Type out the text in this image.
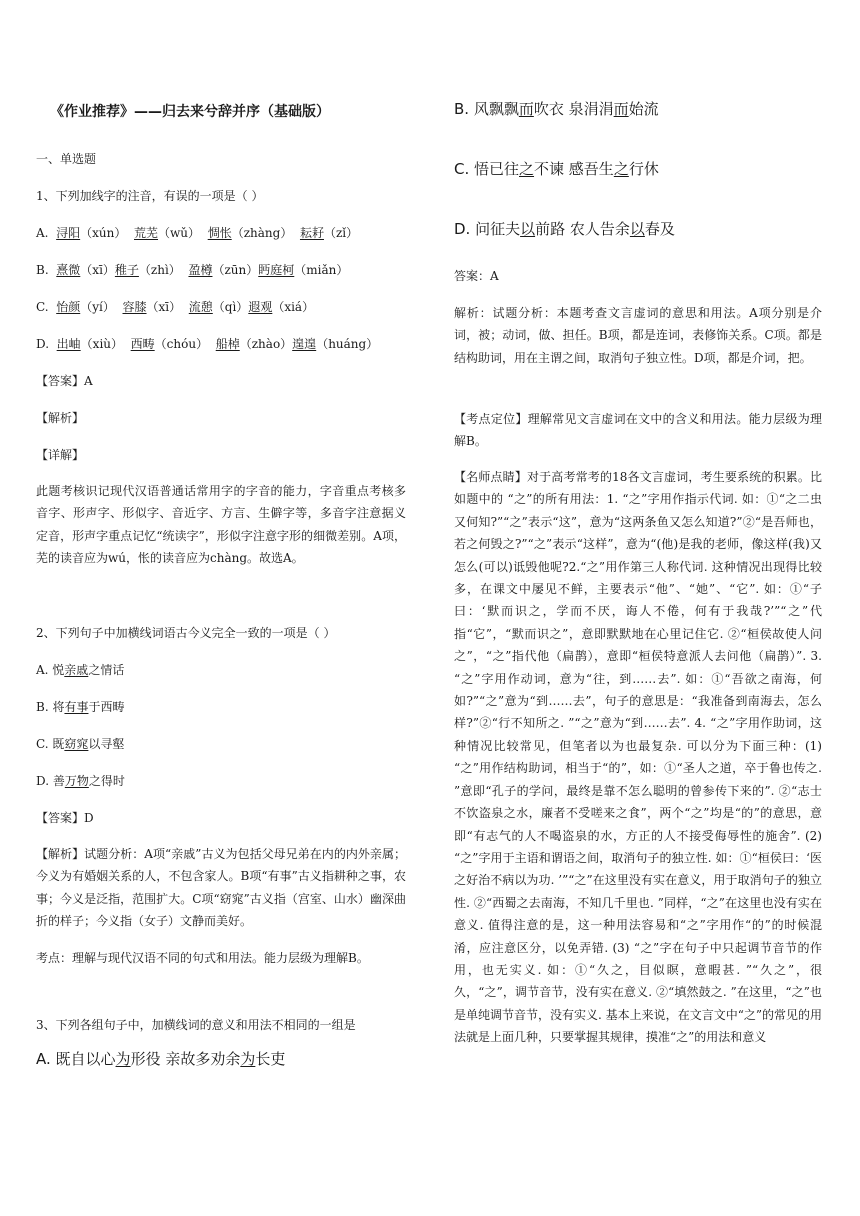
《作业推荐》——归去来兮辞并序（基础版）

一、单选题

1、下列加线字的注音，有误的一项是（ ）

A. 浔阳（xún） 荒芜（wǔ） 惆怅（zhàng） 耘耔（zǐ）

B. 熹微（xī）稚子（zhì） 盈樽（zūn）眄庭柯（miǎn）

C. 怡颜（yí） 容膝（xī） 流憩（qì）遐观（xiá）

D. 出岫（xiù） 西畴（chóu） 船棹（zhào）遑遑（huáng）

【答案】A

【解析】

【详解】

此题考核识记现代汉语普通话常用字的字音的能力，字音重点考核多音字、形声字、形似字、音近字、方言、生僻字等，多音字注意据义定音，形声字重点记忆“统读字”，形似字注意字形的细微差别。A项，芜的读音应为wú，怅的读音应为chàng。故选A。

2、下列句子中加横线词语古今义完全一致的一项是（ ）

A. 悦亲戚之情话

B. 将有事于西畴

C. 既窈窕以寻壑

D. 善万物之得时

【答案】D

【解析】试题分析：A项“亲戚”古义为包括父母兄弟在内的内外亲属；今义为有婚姻关系的人，不包含家人。B项“有事”古义指耕种之事，农事；今义是泛指，范围扩大。C项“窈窕”古义指（宫室、山水）幽深曲折的样子；今义指（女子）文静而美好。

考点：理解与现代汉语不同的句式和用法。能力层级为理解B。

3、下列各组句子中，加横线词的意义和用法不相同的一组是

A. 既自以心为形役 亲故多劝余为长吏

B. 风飘飘而吹衣 泉涓涓而始流

C. 悟已往之不谏 感吾生之行休

D. 问征夫以前路 农人告余以春及

答案：A

解析：试题分析：本题考查文言虚词的意思和用法。A项分别是介词，被；动词，做、担任。B项，都是连词，表修饰关系。C项。都是结构助词，用在主谓之间，取消句子独立性。D项，都是介词，把。

【考点定位】理解常见文言虚词在文中的含义和用法。能力层级为理解B。

【名师点睛】对于高考常考的18各文言虚词，考生要系统的积累。比如题中的 “之”的所有用法：1. “之”字用作指示代词. 如：①“之二虫又何知?”“之”表示“这”，意为“这两条鱼又怎么知道?”②“是吾师也，若之何毁之?”“之”表示“这样”，意为“(他)是我的老师，像这样(我)又怎么(可以)诋毁他呢?2.“之”用作第三人称代词. 这种情况出现得比较多，在课文中屡见不鲜，主要表示“他”、“她”、“它”. 如：①“子曰：‘默而识之，学而不厌，诲人不倦，何有于我哉?’”“之”代指“它”，“默而识之”，意即默默地在心里记住它. ②“桓侯故使人问之”，“之”指代他（扁鹊），意即“桓侯特意派人去问他（扁鹊）”. 3. “之”字用作动词，意为“往，到……去”. 如：①“吾欲之南海，何如?”“之”意为“到……去”，句子的意思是：“我准备到南海去，怎么样?”②“行不知所之. ”“之”意为“到……去”. 4. “之”字用作助词，这种情况比较常见，但笔者以为也最复杂. 可以分为下面三种：(1) “之”用作结构助词，相当于“的”，如：①“圣人之道，卒于鲁也传之. ”意即“孔子的学问，最终是靠不怎么聪明的曾参传下来的”. ②“志士不饮盗泉之水，廉者不受嗟来之食”，两个“之”均是“的”的意思，意即“有志气的人不喝盗泉的水，方正的人不接受侮辱性的施舍”. (2) “之”字用于主语和谓语之间，取消句子的独立性. 如：①“桓侯曰：‘医之好治不病以为功. ’”“之”在这里没有实在意义，用于取消句子的独立性. ②“西蜀之去南海，不知几千里也. ”同样，“之”在这里也没有实在意义. 值得注意的是，这一种用法容易和“之”字用作“的”的时候混淆，应注意区分，以免弄错. (3) “之”字在句子中只起调节音节的作用，也无实义. 如：①“久之，目似瞑，意暇甚. ”“久之”，很久，“之”，调节音节，没有实在意义. ②“填然鼓之. ”在这里，“之”也是单纯调节音节，没有实义. 基本上来说，在文言文中“之”的常见的用法就是上面几种，只要掌握其规律，摸准“之”的用法和意义
